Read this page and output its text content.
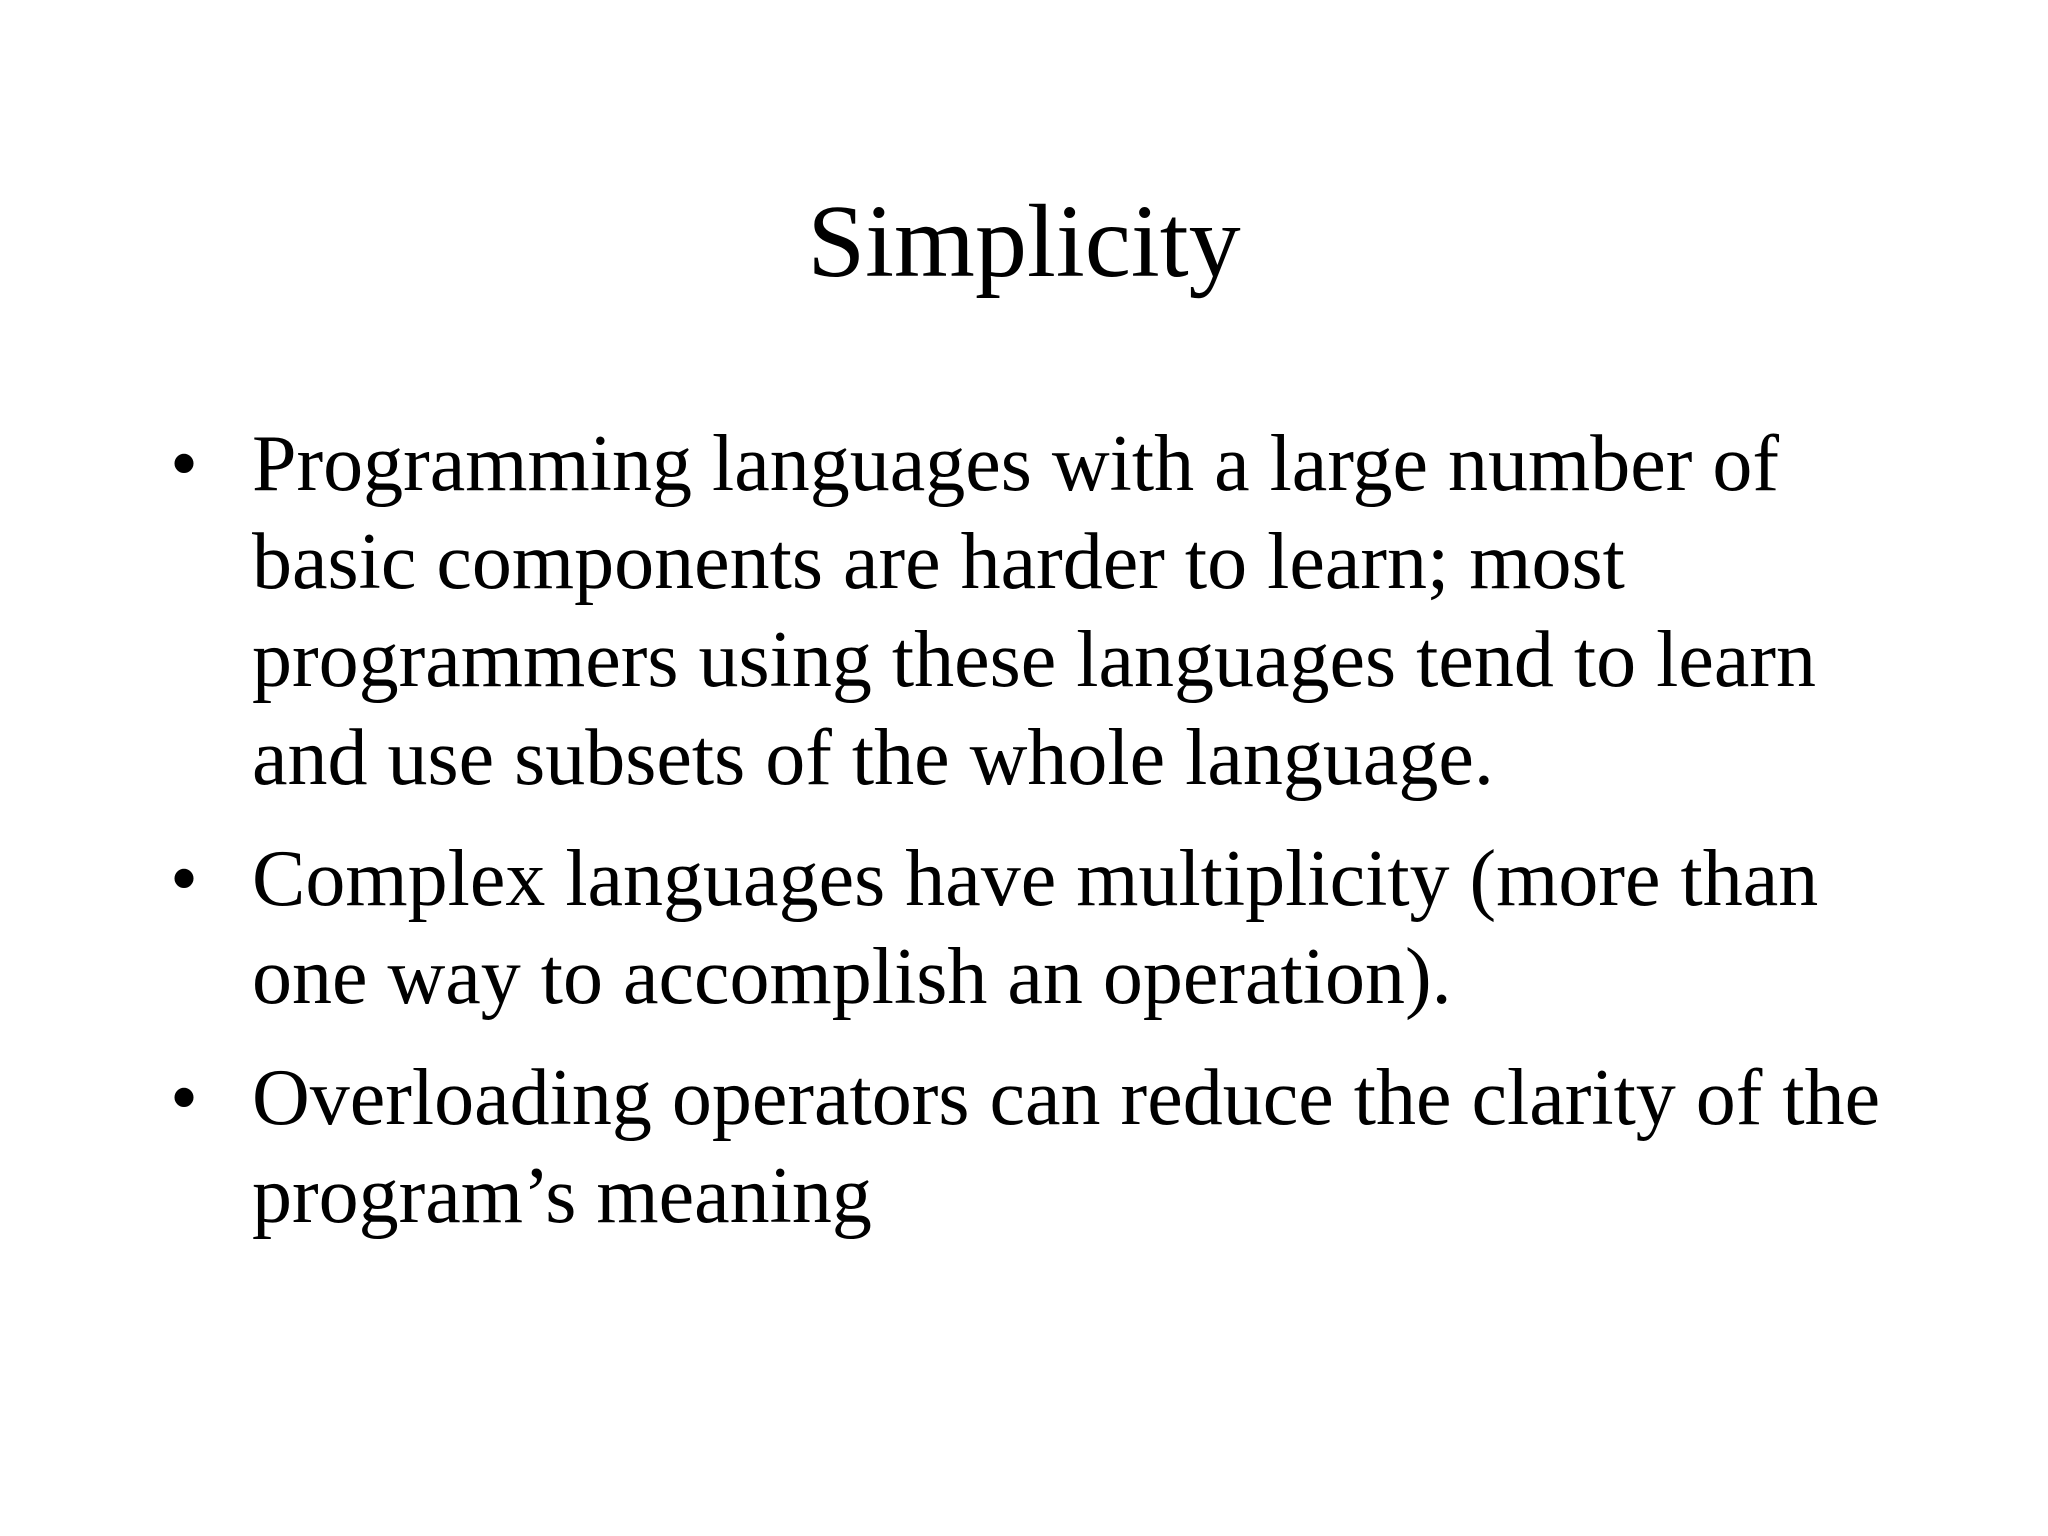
Simplicity
• Programming languages with a large number of basic components are harder to learn; most programmers using these languages tend to learn and use subsets of the whole language.
• Complex languages have multiplicity (more than one way to accomplish an operation).
• Overloading operators can reduce the clarity of the program’s meaning
